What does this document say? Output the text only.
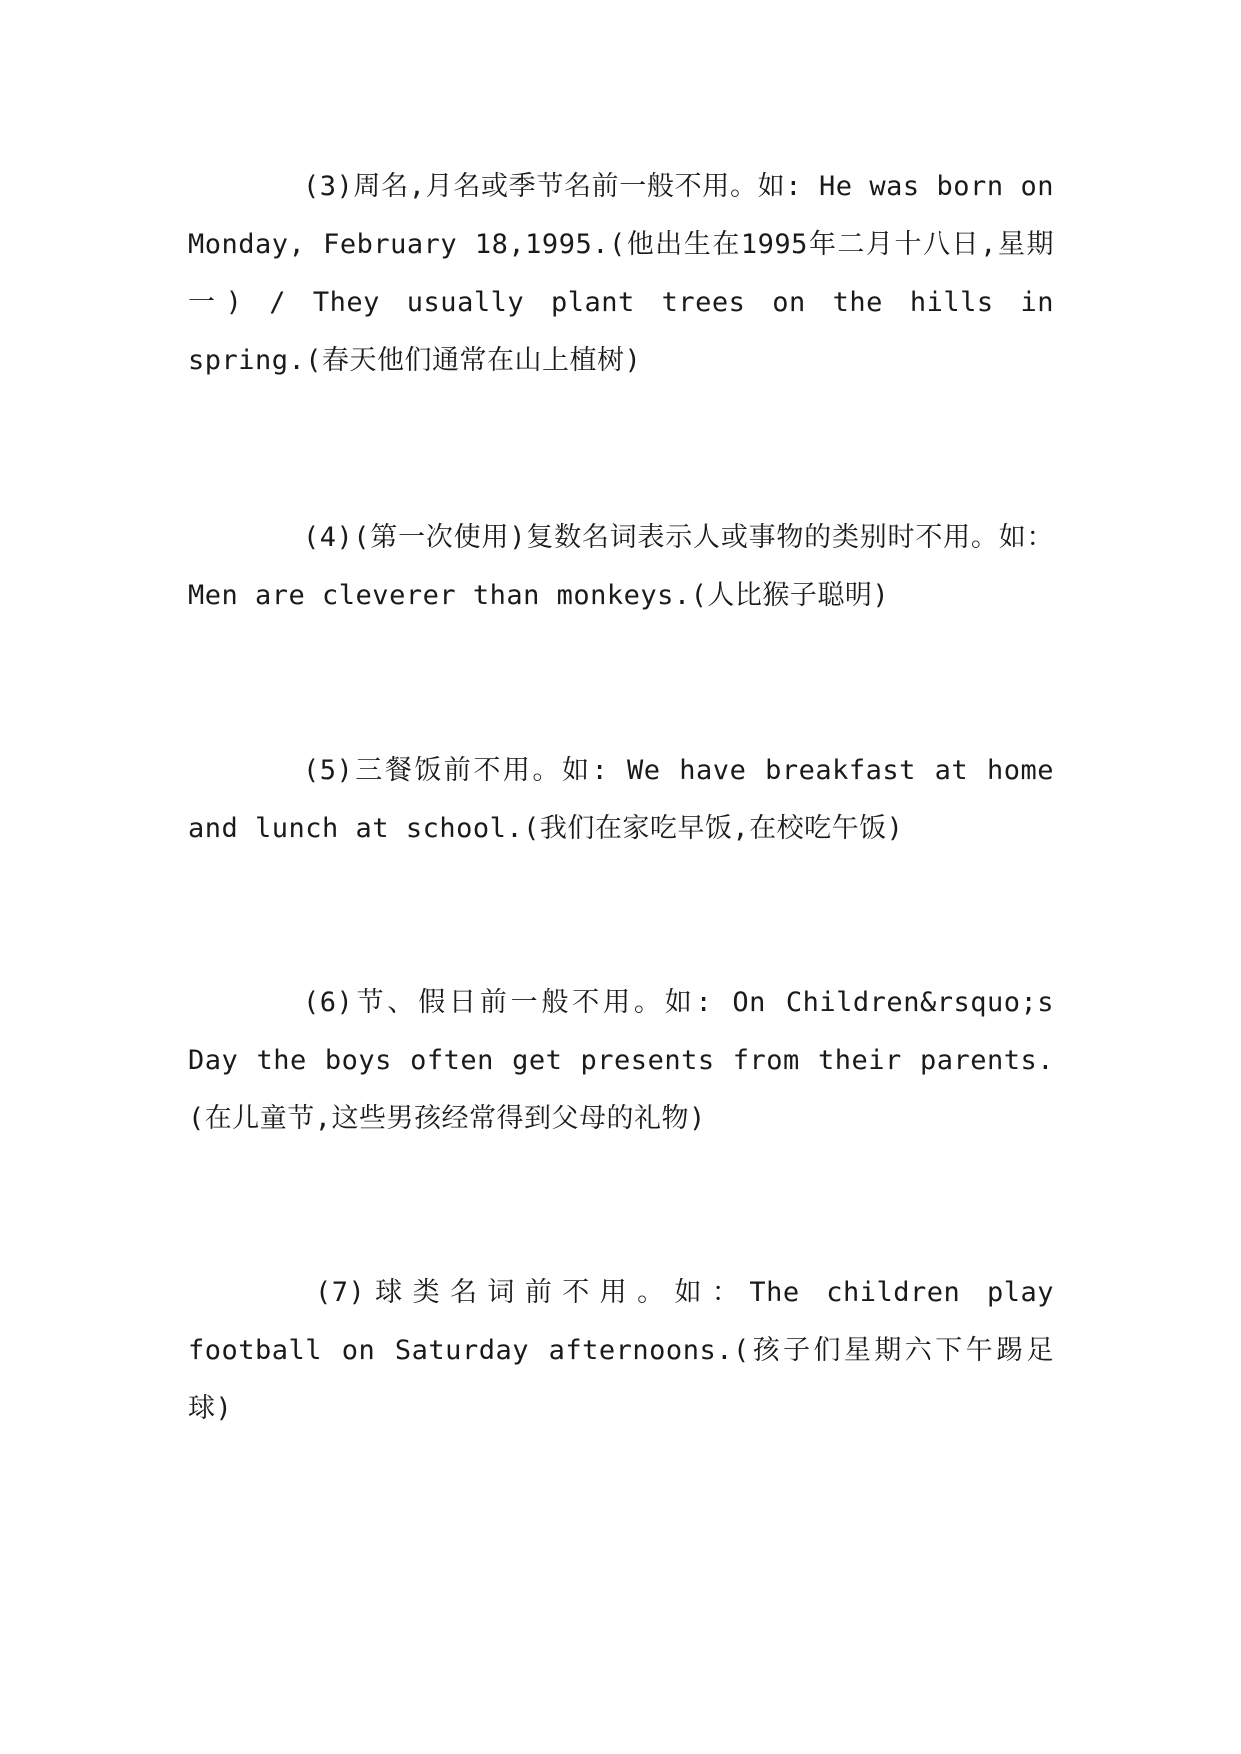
(3)周名,月名或季节名前一般不用。如: He was born on Monday, February 18,1995.(他出生在1995年二月十八日,星期一) / They usually plant trees on the hills in spring.(春天他们通常在山上植树)

(4)(第一次使用)复数名词表示人或事物的类别时不用。如：Men are cleverer than monkeys.(人比猴子聪明)

(5)三餐饭前不用。如: We have breakfast at home and lunch at school.(我们在家吃早饭,在校吃午饭)

(6)节、假日前一般不用。如: On Children&rsquo;s Day the boys often get presents from their parents.(在儿童节,这些男孩经常得到父母的礼物)

(7)球类名词前不用。如：The children play football on Saturday afternoons.(孩子们星期六下午踢足球)
